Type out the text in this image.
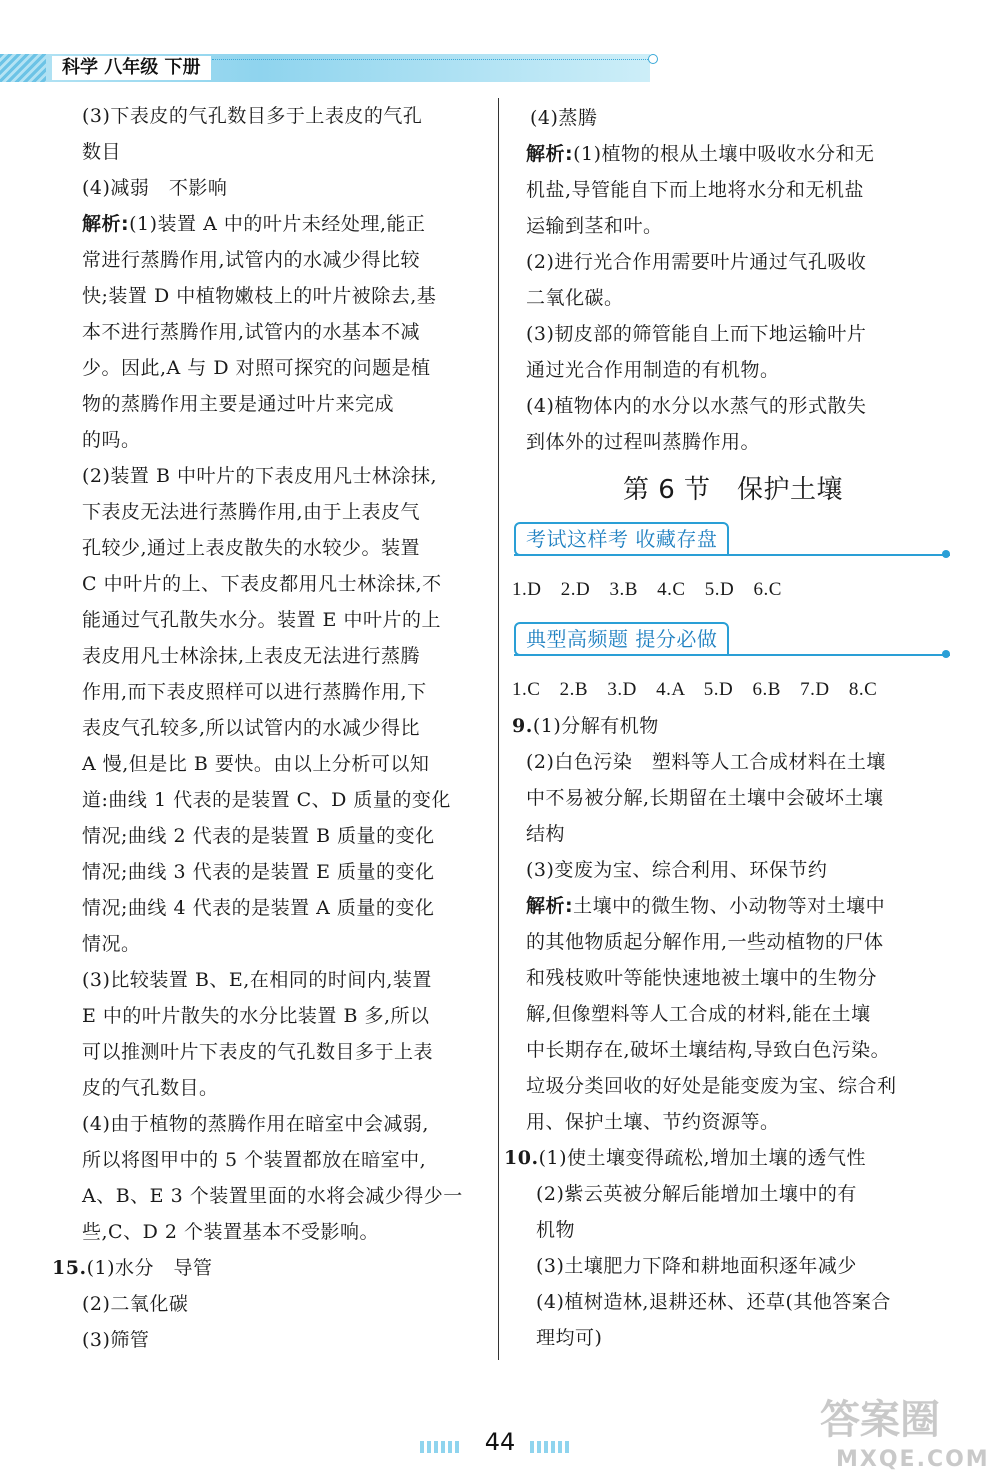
科学 八年级 下册

(3)下表皮的气孔数目多于上表皮的气孔

数目

(4)减弱　不影响

解析:(1)装置 A 中的叶片未经处理,能正

常进行蒸腾作用,试管内的水减少得比较

快;装置 D 中植物嫩枝上的叶片被除去,基

本不进行蒸腾作用,试管内的水基本不减

少。因此,A 与 D 对照可探究的问题是植

物的蒸腾作用主要是通过叶片来完成

的吗。

(2)装置 B 中叶片的下表皮用凡士林涂抹,

下表皮无法进行蒸腾作用,由于上表皮气

孔较少,通过上表皮散失的水较少。装置

C 中叶片的上、下表皮都用凡士林涂抹,不

能通过气孔散失水分。装置 E 中叶片的上

表皮用凡士林涂抹,上表皮无法进行蒸腾

作用,而下表皮照样可以进行蒸腾作用,下

表皮气孔较多,所以试管内的水减少得比

A 慢,但是比 B 要快。由以上分析可以知

道:曲线 1 代表的是装置 C、D 质量的变化

情况;曲线 2 代表的是装置 B 质量的变化

情况;曲线 3 代表的是装置 E 质量的变化

情况;曲线 4 代表的是装置 A 质量的变化

情况。

(3)比较装置 B、E,在相同的时间内,装置

E 中的叶片散失的水分比装置 B 多,所以

可以推测叶片下表皮的气孔数目多于上表

皮的气孔数目。

(4)由于植物的蒸腾作用在暗室中会减弱,

所以将图甲中的 5 个装置都放在暗室中,

A、B、E 3 个装置里面的水将会减少得少一

些,C、D 2 个装置基本不受影响。

15.(1)水分　导管

(2)二氧化碳

(3)筛管

(4)蒸腾

解析:(1)植物的根从土壤中吸收水分和无

机盐,导管能自下而上地将水分和无机盐

运输到茎和叶。

(2)进行光合作用需要叶片通过气孔吸收

二氧化碳。

(3)韧皮部的筛管能自上而下地运输叶片

通过光合作用制造的有机物。

(4)植物体内的水分以水蒸气的形式散失

到体外的过程叫蒸腾作用。

第 6 节　保护土壤

考试这样考 收藏存盘

1.D 2.D 3.B 4.C 5.D 6.C

典型高频题 提分必做

1.C 2.B 3.D 4.A 5.D 6.B 7.D 8.C

9.(1)分解有机物

(2)白色污染　塑料等人工合成材料在土壤

中不易被分解,长期留在土壤中会破坏土壤

结构

(3)变废为宝、综合利用、环保节约

解析:土壤中的微生物、小动物等对土壤中

的其他物质起分解作用,一些动植物的尸体

和残枝败叶等能快速地被土壤中的生物分

解,但像塑料等人工合成的材料,能在土壤

中长期存在,破坏土壤结构,导致白色污染。

垃圾分类回收的好处是能变废为宝、综合利

用、保护土壤、节约资源等。

10.(1)使土壤变得疏松,增加土壤的透气性

(2)紫云英被分解后能增加土壤中的有

机物

(3)土壤肥力下降和耕地面积逐年减少

(4)植树造林,退耕还林、还草(其他答案合

理均可)

44	答案圈
MXQE.COM
